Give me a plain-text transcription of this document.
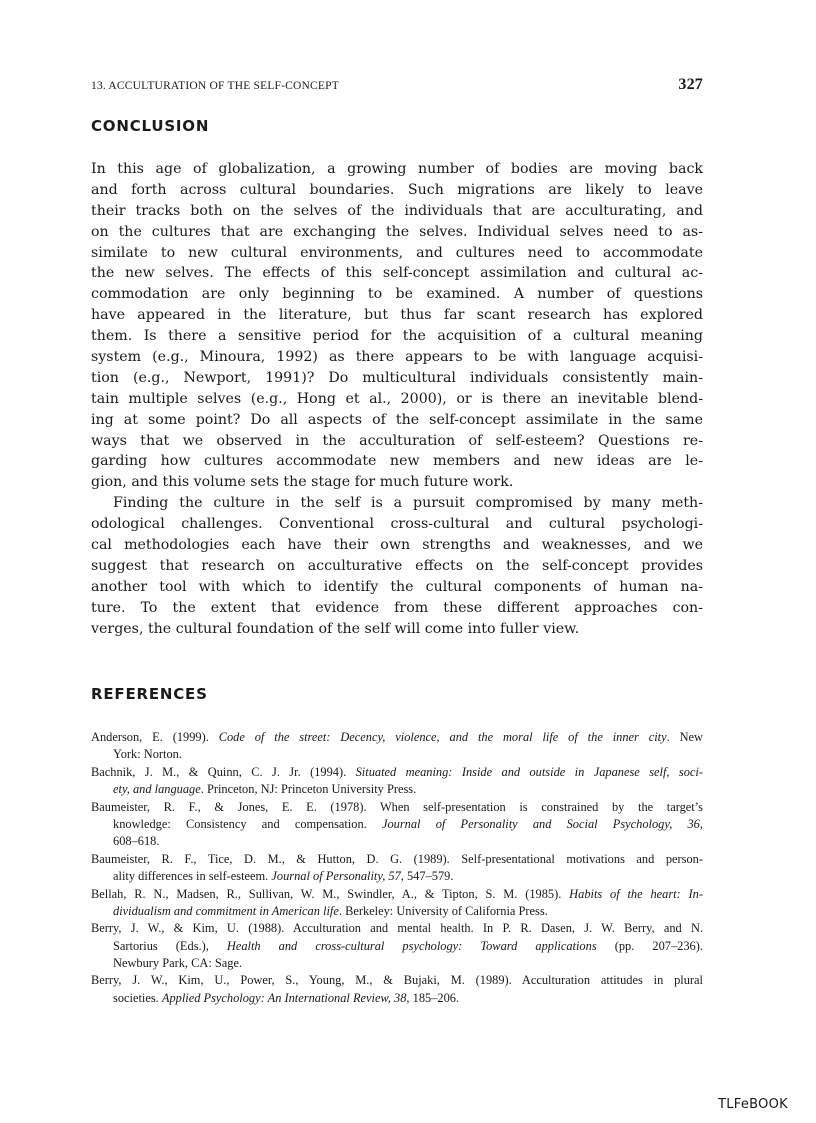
13. ACCULTURATION OF THE SELF-CONCEPT	327
CONCLUSION
In this age of globalization, a growing number of bodies are moving back
and forth across cultural boundaries. Such migrations are likely to leave
their tracks both on the selves of the individuals that are acculturating, and
on the cultures that are exchanging the selves. Individual selves need to as-
similate to new cultural environments, and cultures need to accommodate
the new selves. The effects of this self-concept assimilation and cultural ac-
commodation are only beginning to be examined. A number of questions
have appeared in the literature, but thus far scant research has explored
them. Is there a sensitive period for the acquisition of a cultural meaning
system (e.g., Minoura, 1992) as there appears to be with language acquisi-
tion (e.g., Newport, 1991)? Do multicultural individuals consistently main-
tain multiple selves (e.g., Hong et al., 2000), or is there an inevitable blend-
ing at some point? Do all aspects of the self-concept assimilate in the same
ways that we observed in the acculturation of self-esteem? Questions re-
garding how cultures accommodate new members and new ideas are le-
gion, and this volume sets the stage for much future work.
Finding the culture in the self is a pursuit compromised by many meth-
odological challenges. Conventional cross-cultural and cultural psychologi-
cal methodologies each have their own strengths and weaknesses, and we
suggest that research on acculturative effects on the self-concept provides
another tool with which to identify the cultural components of human na-
ture. To the extent that evidence from these different approaches con-
verges, the cultural foundation of the self will come into fuller view.
REFERENCES
Anderson, E. (1999). Code of the street: Decency, violence, and the moral life of the inner city. New
York: Norton.
Bachnik, J. M., & Quinn, C. J. Jr. (1994). Situated meaning: Inside and outside in Japanese self, soci-
ety, and language. Princeton, NJ: Princeton University Press.
Baumeister, R. F., & Jones, E. E. (1978). When self-presentation is constrained by the target’s
knowledge: Consistency and compensation. Journal of Personality and Social Psychology, 36,
608–618.
Baumeister, R. F., Tice, D. M., & Hutton, D. G. (1989). Self-presentational motivations and person-
ality differences in self-esteem. Journal of Personality, 57, 547–579.
Bellah, R. N., Madsen, R., Sullivan, W. M., Swindler, A., & Tipton, S. M. (1985). Habits of the heart: In-
dividualism and commitment in American life. Berkeley: University of California Press.
Berry, J. W., & Kim, U. (1988). Acculturation and mental health. In P. R. Dasen, J. W. Berry, and N.
Sartorius (Eds.), Health and cross-cultural psychology: Toward applications (pp. 207–236).
Newbury Park, CA: Sage.
Berry, J. W., Kim, U., Power, S., Young, M., & Bujaki, M. (1989). Acculturation attitudes in plural
societies. Applied Psychology: An International Review, 38, 185–206.
TLFeBOOK
